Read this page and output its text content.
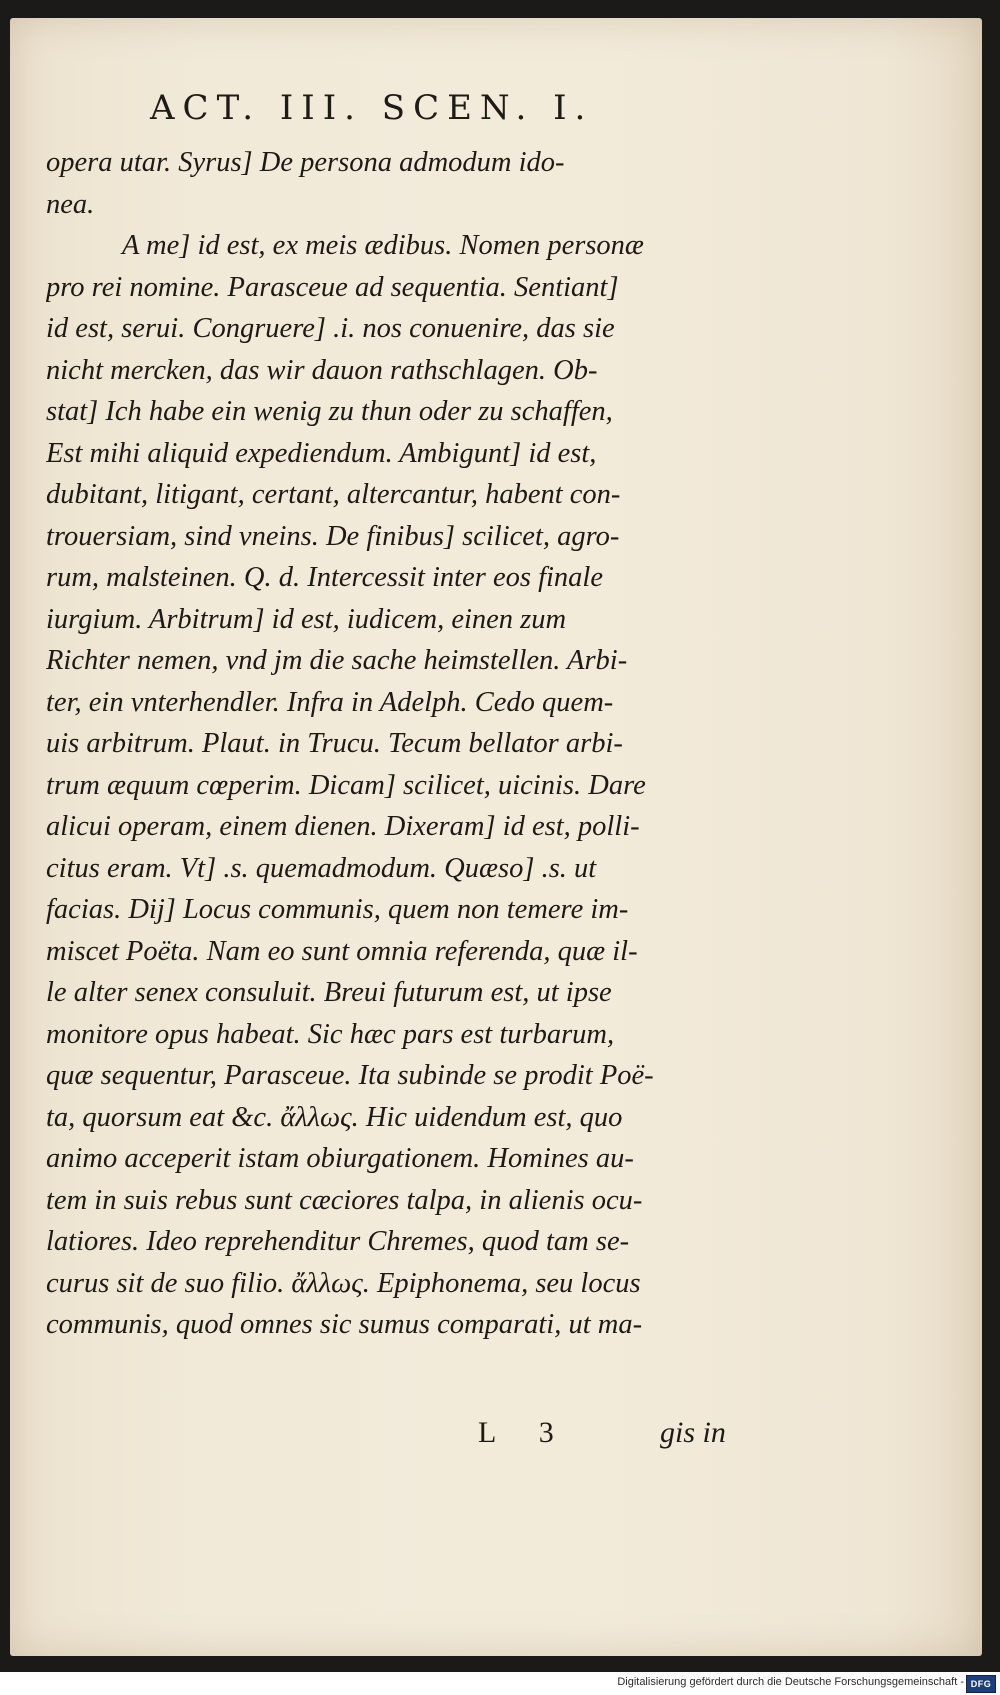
ACT. III. SCEN. I.
opera utar. Syrus] De persona admodum ido-
nea.
A me] id est, ex meis ædibus. Nomen personæ
pro rei nomine. Parasceue ad sequentia. Sentiant]
id est, serui. Congruere] .i. nos conuenire, das sie
nicht mercken, das wir dauon rathschlagen. Ob-
stat] Ich habe ein wenig zu thun oder zu schaffen,
Est mihi aliquid expediendum. Ambigunt] id est,
dubitant, litigant, certant, altercantur, habent con-
trouersiam, sind vneins. De finibus] scilicet, agro-
rum, malsteinen. Q. d. Intercessit inter eos finale
iurgium. Arbitrum] id est, iudicem, einen zum
Richter nemen, vnd jm die sache heimstellen. Arbi-
ter, ein vnterhendler. Infra in Adelph. Cedo quem-
uis arbitrum. Plaut. in Trucu. Tecum bellator arbi-
trum æquum cœperim. Dicam] scilicet, uicinis. Dare
alicui operam, einem dienen. Dixeram] id est, polli-
citus eram. Vt] .s. quemadmodum. Quæso] .s. ut
facias. Dij] Locus communis, quem non temere im-
miscet Poëta. Nam eo sunt omnia referenda, quæ il-
le alter senex consuluit. Breui futurum est, ut ipse
monitore opus habeat. Sic hæc pars est turbarum,
quæ sequentur, Parasceue. Ita subinde se prodit Poë-
ta, quorsum eat &c. ἄλλως. Hic uidendum est, quo
animo acceperit istam obiurgationem. Homines au-
tem in suis rebus sunt cæciores talpa, in alienis ocu-
latiores. Ideo reprehenditur Chremes, quod tam se-
curus sit de suo filio. ἄλλως. Epiphonema, seu locus
communis, quod omnes sic sumus comparati, ut ma-
L 3	gis in
Digitalisierung gefördert durch die Deutsche Forschungsgemeinschaft - DFG
